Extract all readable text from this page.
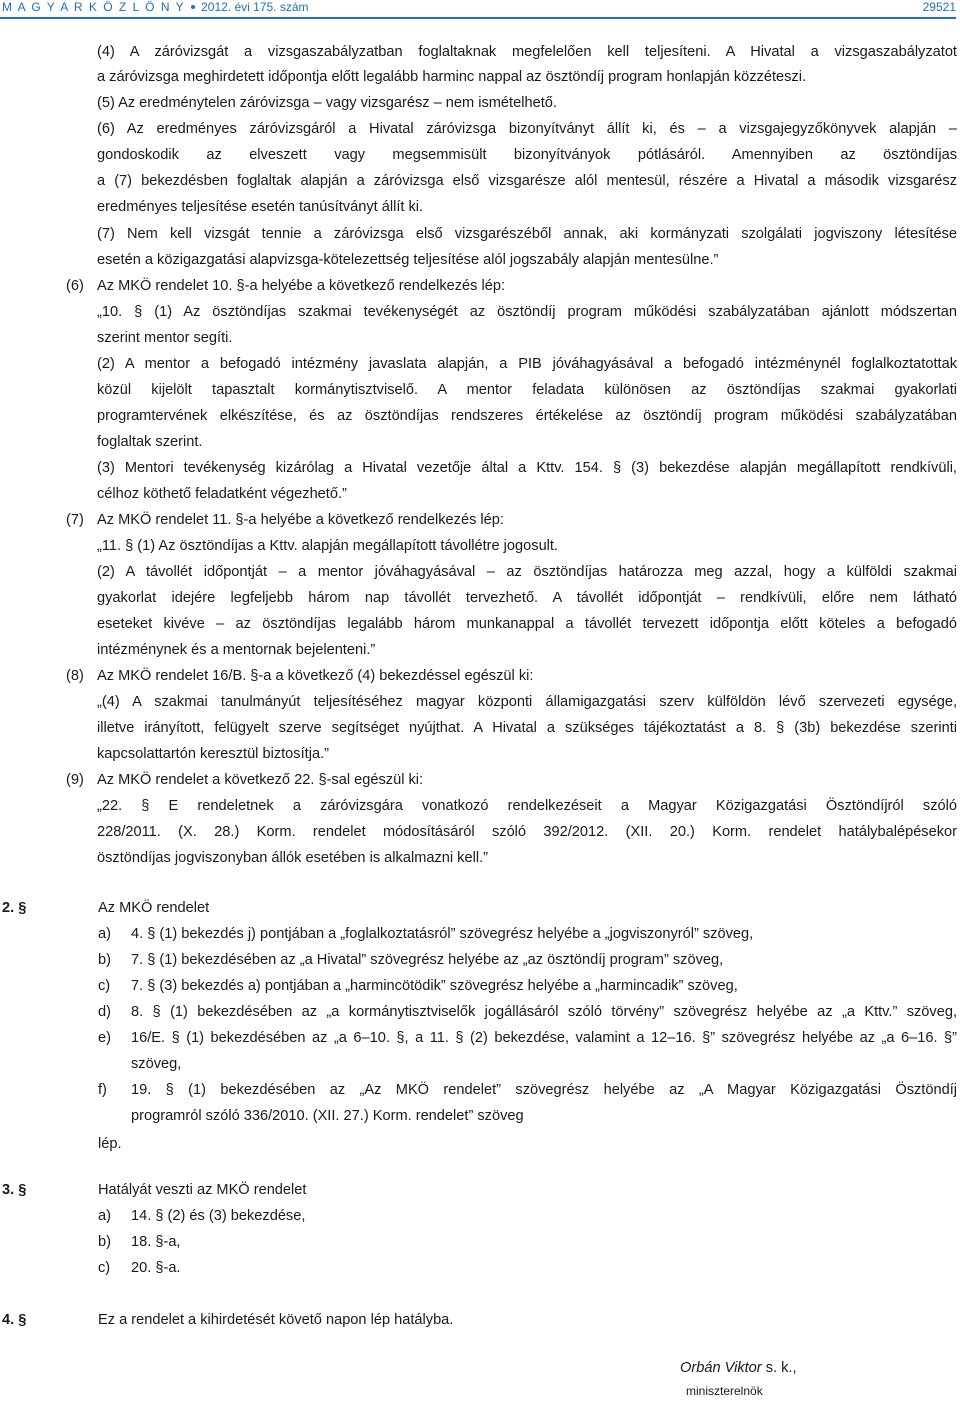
M A G Y A R K Ö Z L Ö N Y 2012. évi 175. szám	29521
(4) A záróvizsgát a vizsgaszabályzatban foglaltaknak megfelelően kell teljesíteni. A Hivatal a vizsgaszabályzatot
a záróvizsga meghirdetett időpontja előtt legalább harminc nappal az ösztöndíj program honlapján közzéteszi.
(5) Az eredménytelen záróvizsga – vagy vizsgarész – nem ismételhető.
(6) Az eredményes záróvizsgáról a Hivatal záróvizsga bizonyítványt állít ki, és – a vizsgajegyzőkönyvek alapján –
gondoskodik az elveszett vagy megsemmisült bizonyítványok pótlásáról. Amennyiben az ösztöndíjas
a (7) bekezdésben foglaltak alapján a záróvizsga első vizsgarésze alól mentesül, részére a Hivatal a második vizsgarész
eredményes teljesítése esetén tanúsítványt állít ki.
(7) Nem kell vizsgát tennie a záróvizsga első vizsgarészéből annak, aki kormányzati szolgálati jogviszony létesítése
esetén a közigazgatási alapvizsga-kötelezettség teljesítése alól jogszabály alapján mentesülne.”
(6) Az MKÖ rendelet 10. §-a helyébe a következő rendelkezés lép:
„10. § (1) Az ösztöndíjas szakmai tevékenységét az ösztöndíj program működési szabályzatában ajánlott módszertan
szerint mentor segíti.
(2) A mentor a befogadó intézmény javaslata alapján, a PIB jóváhagyásával a befogadó intézménynél foglalkoztatottak
közül kijelölt tapasztalt kormánytisztviselő. A mentor feladata különösen az ösztöndíjas szakmai gyakorlati
programtervének elkészítése, és az ösztöndíjas rendszeres értékelése az ösztöndíj program működési szabályzatában
foglaltak szerint.
(3) Mentori tevékenység kizárólag a Hivatal vezetője által a Kttv. 154. § (3) bekezdése alapján megállapított rendkívüli,
célhoz köthető feladatként végezhető.”
(7) Az MKÖ rendelet 11. §-a helyébe a következő rendelkezés lép:
„11. § (1) Az ösztöndíjas a Kttv. alapján megállapított távollétre jogosult.
(2) A távollét időpontját – a mentor jóváhagyásával – az ösztöndíjas határozza meg azzal, hogy a külföldi szakmai
gyakorlat idejére legfeljebb három nap távollét tervezhető. A távollét időpontját – rendkívüli, előre nem látható
eseteket kivéve – az ösztöndíjas legalább három munkanappal a távollét tervezett időpontja előtt köteles a befogadó
intézménynek és a mentornak bejelenteni.”
(8) Az MKÖ rendelet 16/B. §-a a következő (4) bekezdéssel egészül ki:
„(4) A szakmai tanulmányút teljesítéséhez magyar központi államigazgatási szerv külföldön lévő szervezeti egysége,
illetve irányított, felügyelt szerve segítséget nyújthat. A Hivatal a szükséges tájékoztatást a 8. § (3b) bekezdése szerinti
kapcsolattartón keresztül biztosítja.”
(9) Az MKÖ rendelet a következő 22. §-sal egészül ki:
„22. § E rendeletnek a záróvizsgára vonatkozó rendelkezéseit a Magyar Közigazgatási Ösztöndíjról szóló
228/2011. (X. 28.) Korm. rendelet módosításáról szóló 392/2012. (XII. 20.) Korm. rendelet hatálybalépésekor
ösztöndíjas jogviszonyban állók esetében is alkalmazni kell.”
2. §	Az MKÖ rendelet
a) 4. § (1) bekezdés j) pontjában a „foglalkoztatásról” szövegrész helyébe a „jogviszonyról” szöveg,
b) 7. § (1) bekezdésében az „a Hivatal” szövegrész helyébe az „az ösztöndíj program” szöveg,
c) 7. § (3) bekezdés a) pontjában a „harmincötödik” szövegrész helyébe a „harmincadik” szöveg,
d) 8. § (1) bekezdésében az „a kormánytisztviselők jogállásáról szóló törvény” szövegrész helyébe az „a Kttv.” szöveg,
e) 16/E. § (1) bekezdésében az „a 6–10. §, a 11. § (2) bekezdése, valamint a 12–16. §” szövegrész helyébe az „a 6–16. §”
szöveg,
f) 19. § (1) bekezdésében az „Az MKÖ rendelet” szövegrész helyébe az „A Magyar Közigazgatási Ösztöndíj
programról szóló 336/2010. (XII. 27.) Korm. rendelet” szöveg
lép.
3. §	Hatályát veszti az MKÖ rendelet
a) 14. § (2) és (3) bekezdése,
b) 18. §-a,
c) 20. §-a.
4. §	Ez a rendelet a kihirdetését követő napon lép hatályba.
Orbán Viktor s. k.,
miniszterelnök
